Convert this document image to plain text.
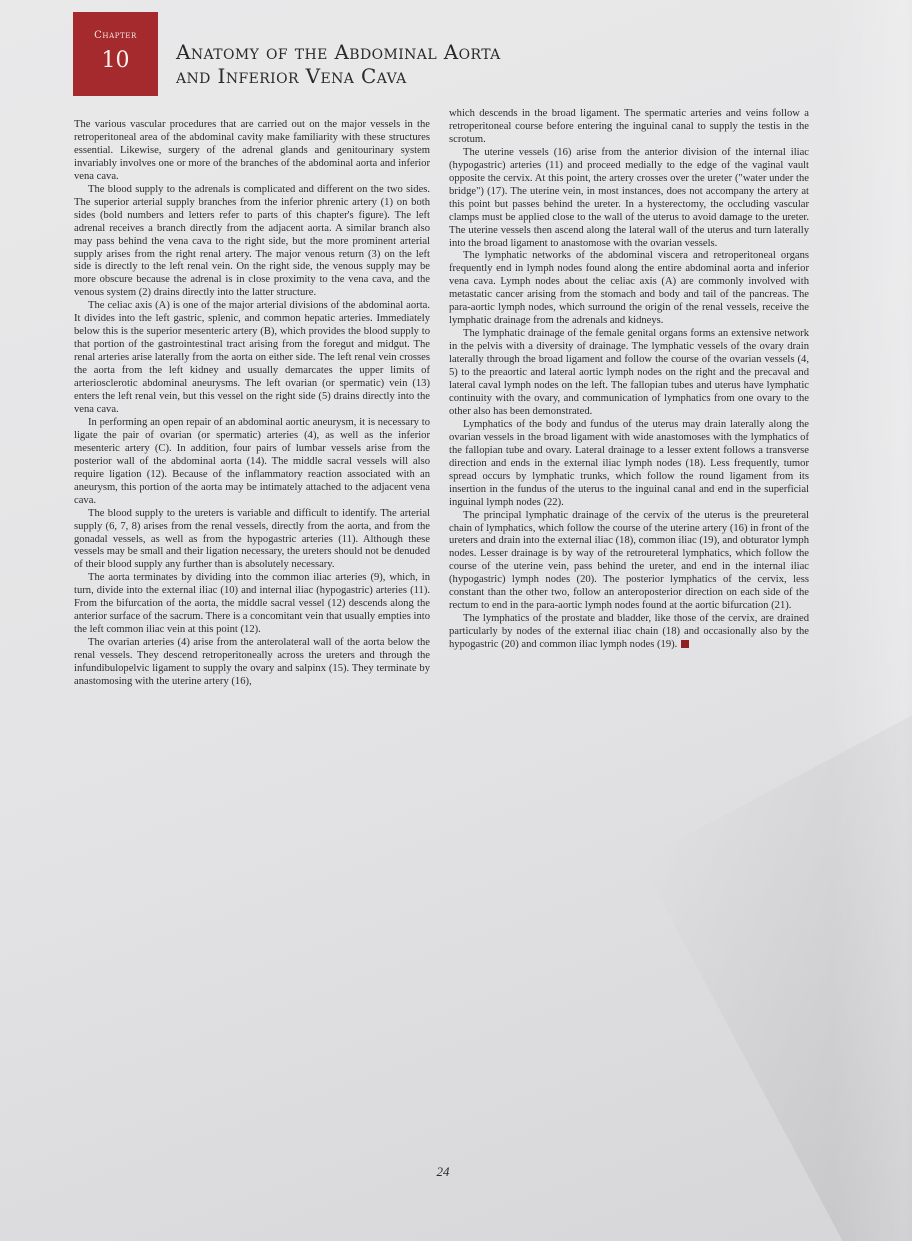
Chapter
10	Anatomy of the Abdominal Aorta
and Inferior Vena Cava

The various vascular procedures that are carried out on the major vessels in the retroperitoneal area of the abdominal cavity make familiarity with these structures essential. Likewise, surgery of the adrenal glands and genitourinary system invariably involves one or more of the branches of the abdominal aorta and inferior vena cava.

The blood supply to the adrenals is complicated and different on the two sides. The superior arterial supply branches from the inferior phrenic artery (1) on both sides (bold numbers and letters refer to parts of this chapter's figure). The left adrenal receives a branch directly from the adjacent aorta. A similar branch also may pass behind the vena cava to the right side, but the more prominent arterial supply arises from the right renal artery. The major venous return (3) on the left side is directly to the left renal vein. On the right side, the venous supply may be more obscure because the adrenal is in close proximity to the vena cava, and the venous system (2) drains directly into the latter structure.

The celiac axis (A) is one of the major arterial divisions of the abdominal aorta. It divides into the left gastric, splenic, and common hepatic arteries. Immediately below this is the superior mesenteric artery (B), which provides the blood supply to that portion of the gastrointestinal tract arising from the foregut and midgut. The renal arteries arise laterally from the aorta on either side. The left renal vein crosses the aorta from the left kidney and usually demarcates the upper limits of arteriosclerotic abdominal aneurysms. The left ovarian (or spermatic) vein (13) enters the left renal vein, but this vessel on the right side (5) drains directly into the vena cava.

In performing an open repair of an abdominal aortic aneurysm, it is necessary to ligate the pair of ovarian (or spermatic) arteries (4), as well as the inferior mesenteric artery (C). In addition, four pairs of lumbar vessels arise from the posterior wall of the abdominal aorta (14). The middle sacral vessels will also require ligation (12). Because of the inflammatory reaction associated with an aneurysm, this portion of the aorta may be intimately attached to the adjacent vena cava.

The blood supply to the ureters is variable and difficult to identify. The arterial supply (6, 7, 8) arises from the renal vessels, directly from the aorta, and from the gonadal vessels, as well as from the hypogastric arteries (11). Although these vessels may be small and their ligation necessary, the ureters should not be denuded of their blood supply any further than is absolutely necessary.

The aorta terminates by dividing into the common iliac arteries (9), which, in turn, divide into the external iliac (10) and internal iliac (hypogastric) arteries (11). From the bifurcation of the aorta, the middle sacral vessel (12) descends along the anterior surface of the sacrum. There is a concomitant vein that usually empties into the left common iliac vein at this point (12).

The ovarian arteries (4) arise from the anterolateral wall of the aorta below the renal vessels. They descend retroperitoneally across the ureters and through the infundibulopelvic ligament to supply the ovary and salpinx (15). They terminate by anastomosing with the uterine artery (16),

which descends in the broad ligament. The spermatic arteries and veins follow a retroperitoneal course before entering the inguinal canal to supply the testis in the scrotum.

The uterine vessels (16) arise from the anterior division of the internal iliac (hypogastric) arteries (11) and proceed medially to the edge of the vaginal vault opposite the cervix. At this point, the artery crosses over the ureter ("water under the bridge") (17). The uterine vein, in most instances, does not accompany the artery at this point but passes behind the ureter. In a hysterectomy, the occluding vascular clamps must be applied close to the wall of the uterus to avoid damage to the ureter. The uterine vessels then ascend along the lateral wall of the uterus and turn laterally into the broad ligament to anastomose with the ovarian vessels.

The lymphatic networks of the abdominal viscera and retroperitoneal organs frequently end in lymph nodes found along the entire abdominal aorta and inferior vena cava. Lymph nodes about the celiac axis (A) are commonly involved with metastatic cancer arising from the stomach and body and tail of the pancreas. The para-aortic lymph nodes, which surround the origin of the renal vessels, receive the lymphatic drainage from the adrenals and kidneys.

The lymphatic drainage of the female genital organs forms an extensive network in the pelvis with a diversity of drainage. The lymphatic vessels of the ovary drain laterally through the broad ligament and follow the course of the ovarian vessels (4, 5) to the preaortic and lateral aortic lymph nodes on the right and the precaval and lateral caval lymph nodes on the left. The fallopian tubes and uterus have lymphatic continuity with the ovary, and communication of lymphatics from one ovary to the other also has been demonstrated.

Lymphatics of the body and fundus of the uterus may drain laterally along the ovarian vessels in the broad ligament with wide anastomoses with the lymphatics of the fallopian tube and ovary. Lateral drainage to a lesser extent follows a transverse direction and ends in the external iliac lymph nodes (18). Less frequently, tumor spread occurs by lymphatic trunks, which follow the round ligament from its insertion in the fundus of the uterus to the inguinal canal and end in the superficial inguinal lymph nodes (22).

The principal lymphatic drainage of the cervix of the uterus is the preureteral chain of lymphatics, which follow the course of the uterine artery (16) in front of the ureters and drain into the external iliac (18), common iliac (19), and obturator lymph nodes. Lesser drainage is by way of the retroureteral lymphatics, which follow the course of the uterine vein, pass behind the ureter, and end in the internal iliac (hypogastric) lymph nodes (20). The posterior lymphatics of the cervix, less constant than the other two, follow an anteroposterior direction on each side of the rectum to end in the para-aortic lymph nodes found at the aortic bifurcation (21).

The lymphatics of the prostate and bladder, like those of the cervix, are drained particularly by nodes of the external iliac chain (18) and occasionally also by the hypogastric (20) and common iliac lymph nodes (19).

24
